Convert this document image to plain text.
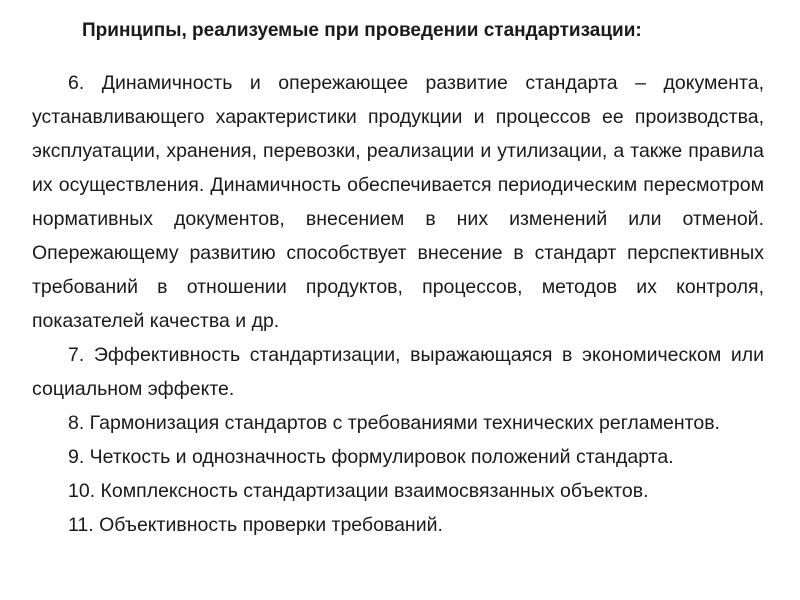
Принципы, реализуемые при проведении стандартизации:

6. Динамичность и опережающее развитие стандарта – документа, устанавливающего характеристики продукции и процессов ее производства, эксплуатации, хранения, перевозки, реализации и утилизации, а также правила их осуществления. Динамичность обеспечивается периодическим пересмотром нормативных документов, внесением в них изменений или отменой. Опережающему развитию способствует внесение в стандарт перспективных требований в отношении продуктов, процессов, методов их контроля, показателей качества и др.

7. Эффективность стандартизации, выражающаяся в экономическом или социальном эффекте.

8. Гармонизация стандартов с требованиями технических регламентов.

9. Четкость и однозначность формулировок положений стандарта.

10. Комплексность стандартизации взаимосвязанных объектов.

11. Объективность проверки требований.
